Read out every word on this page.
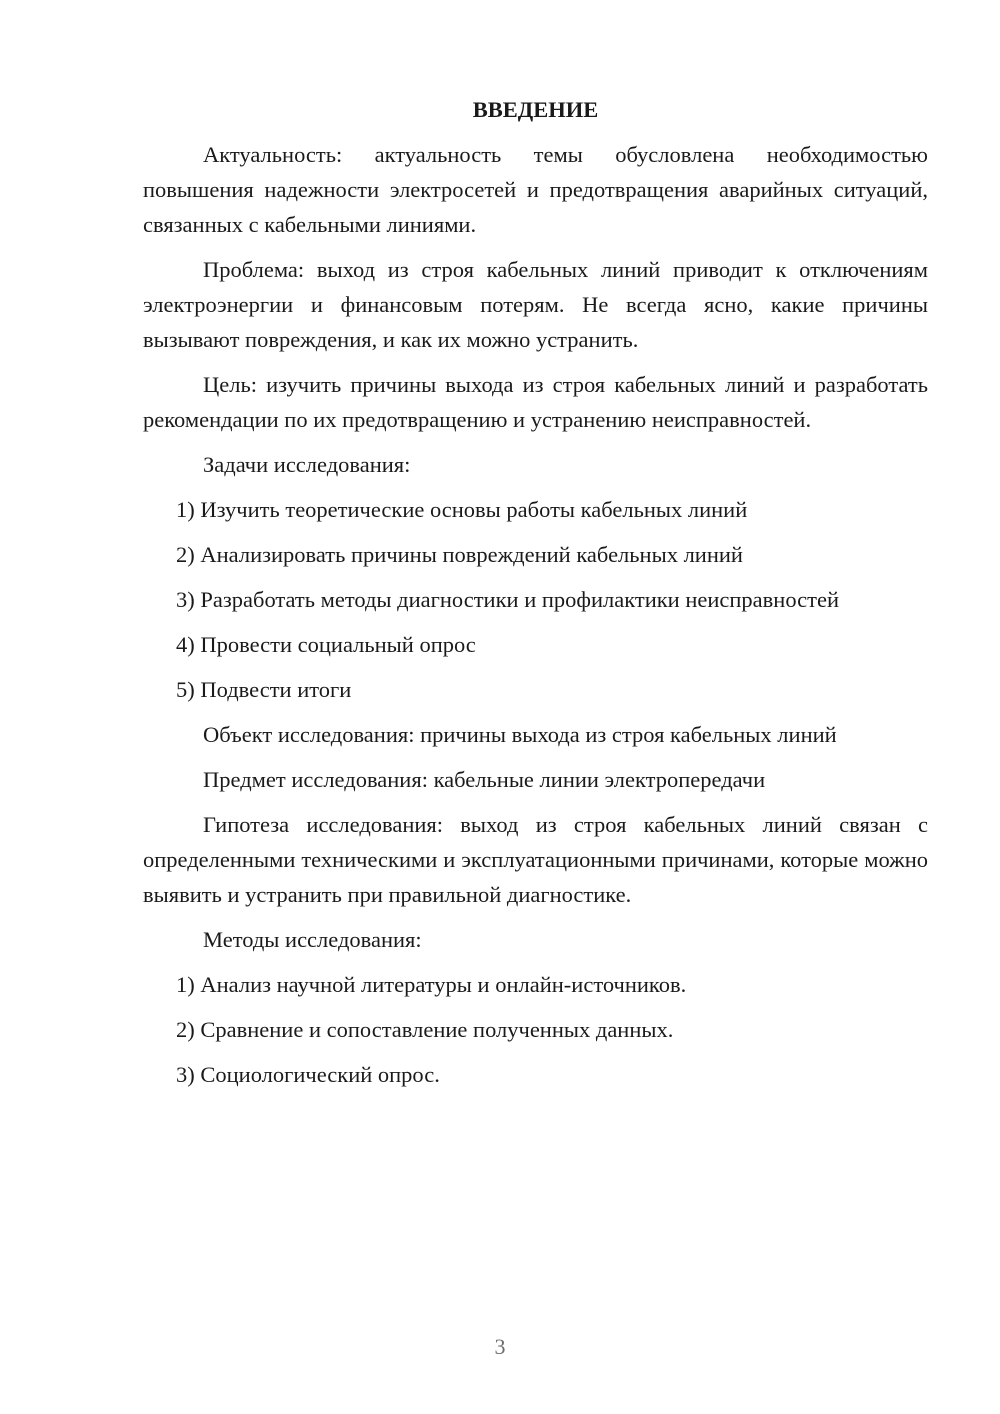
ВВЕДЕНИЕ

Актуальность: актуальность темы обусловлена необходимостью повышения надежности электросетей и предотвращения аварийных ситуаций, связанных с кабельными линиями.

Проблема: выход из строя кабельных линий приводит к отключениям электроэнергии и финансовым потерям. Не всегда ясно, какие причины вызывают повреждения, и как их можно устранить.

Цель: изучить причины выхода из строя кабельных линий и разработать рекомендации по их предотвращению и устранению неисправностей.

Задачи исследования:

1) Изучить теоретические основы работы кабельных линий

2) Анализировать причины повреждений кабельных линий

3) Разработать методы диагностики и профилактики неисправностей

4) Провести социальный опрос

5) Подвести итоги

Объект исследования: причины выхода из строя кабельных линий

Предмет исследования: кабельные линии электропередачи

Гипотеза исследования: выход из строя кабельных линий связан с определенными техническими и эксплуатационными причинами, которые можно выявить и устранить при правильной диагностике.

Методы исследования:

1) Анализ научной литературы и онлайн-источников.

2) Сравнение и сопоставление полученных данных.

3) Социологический опрос.

3
